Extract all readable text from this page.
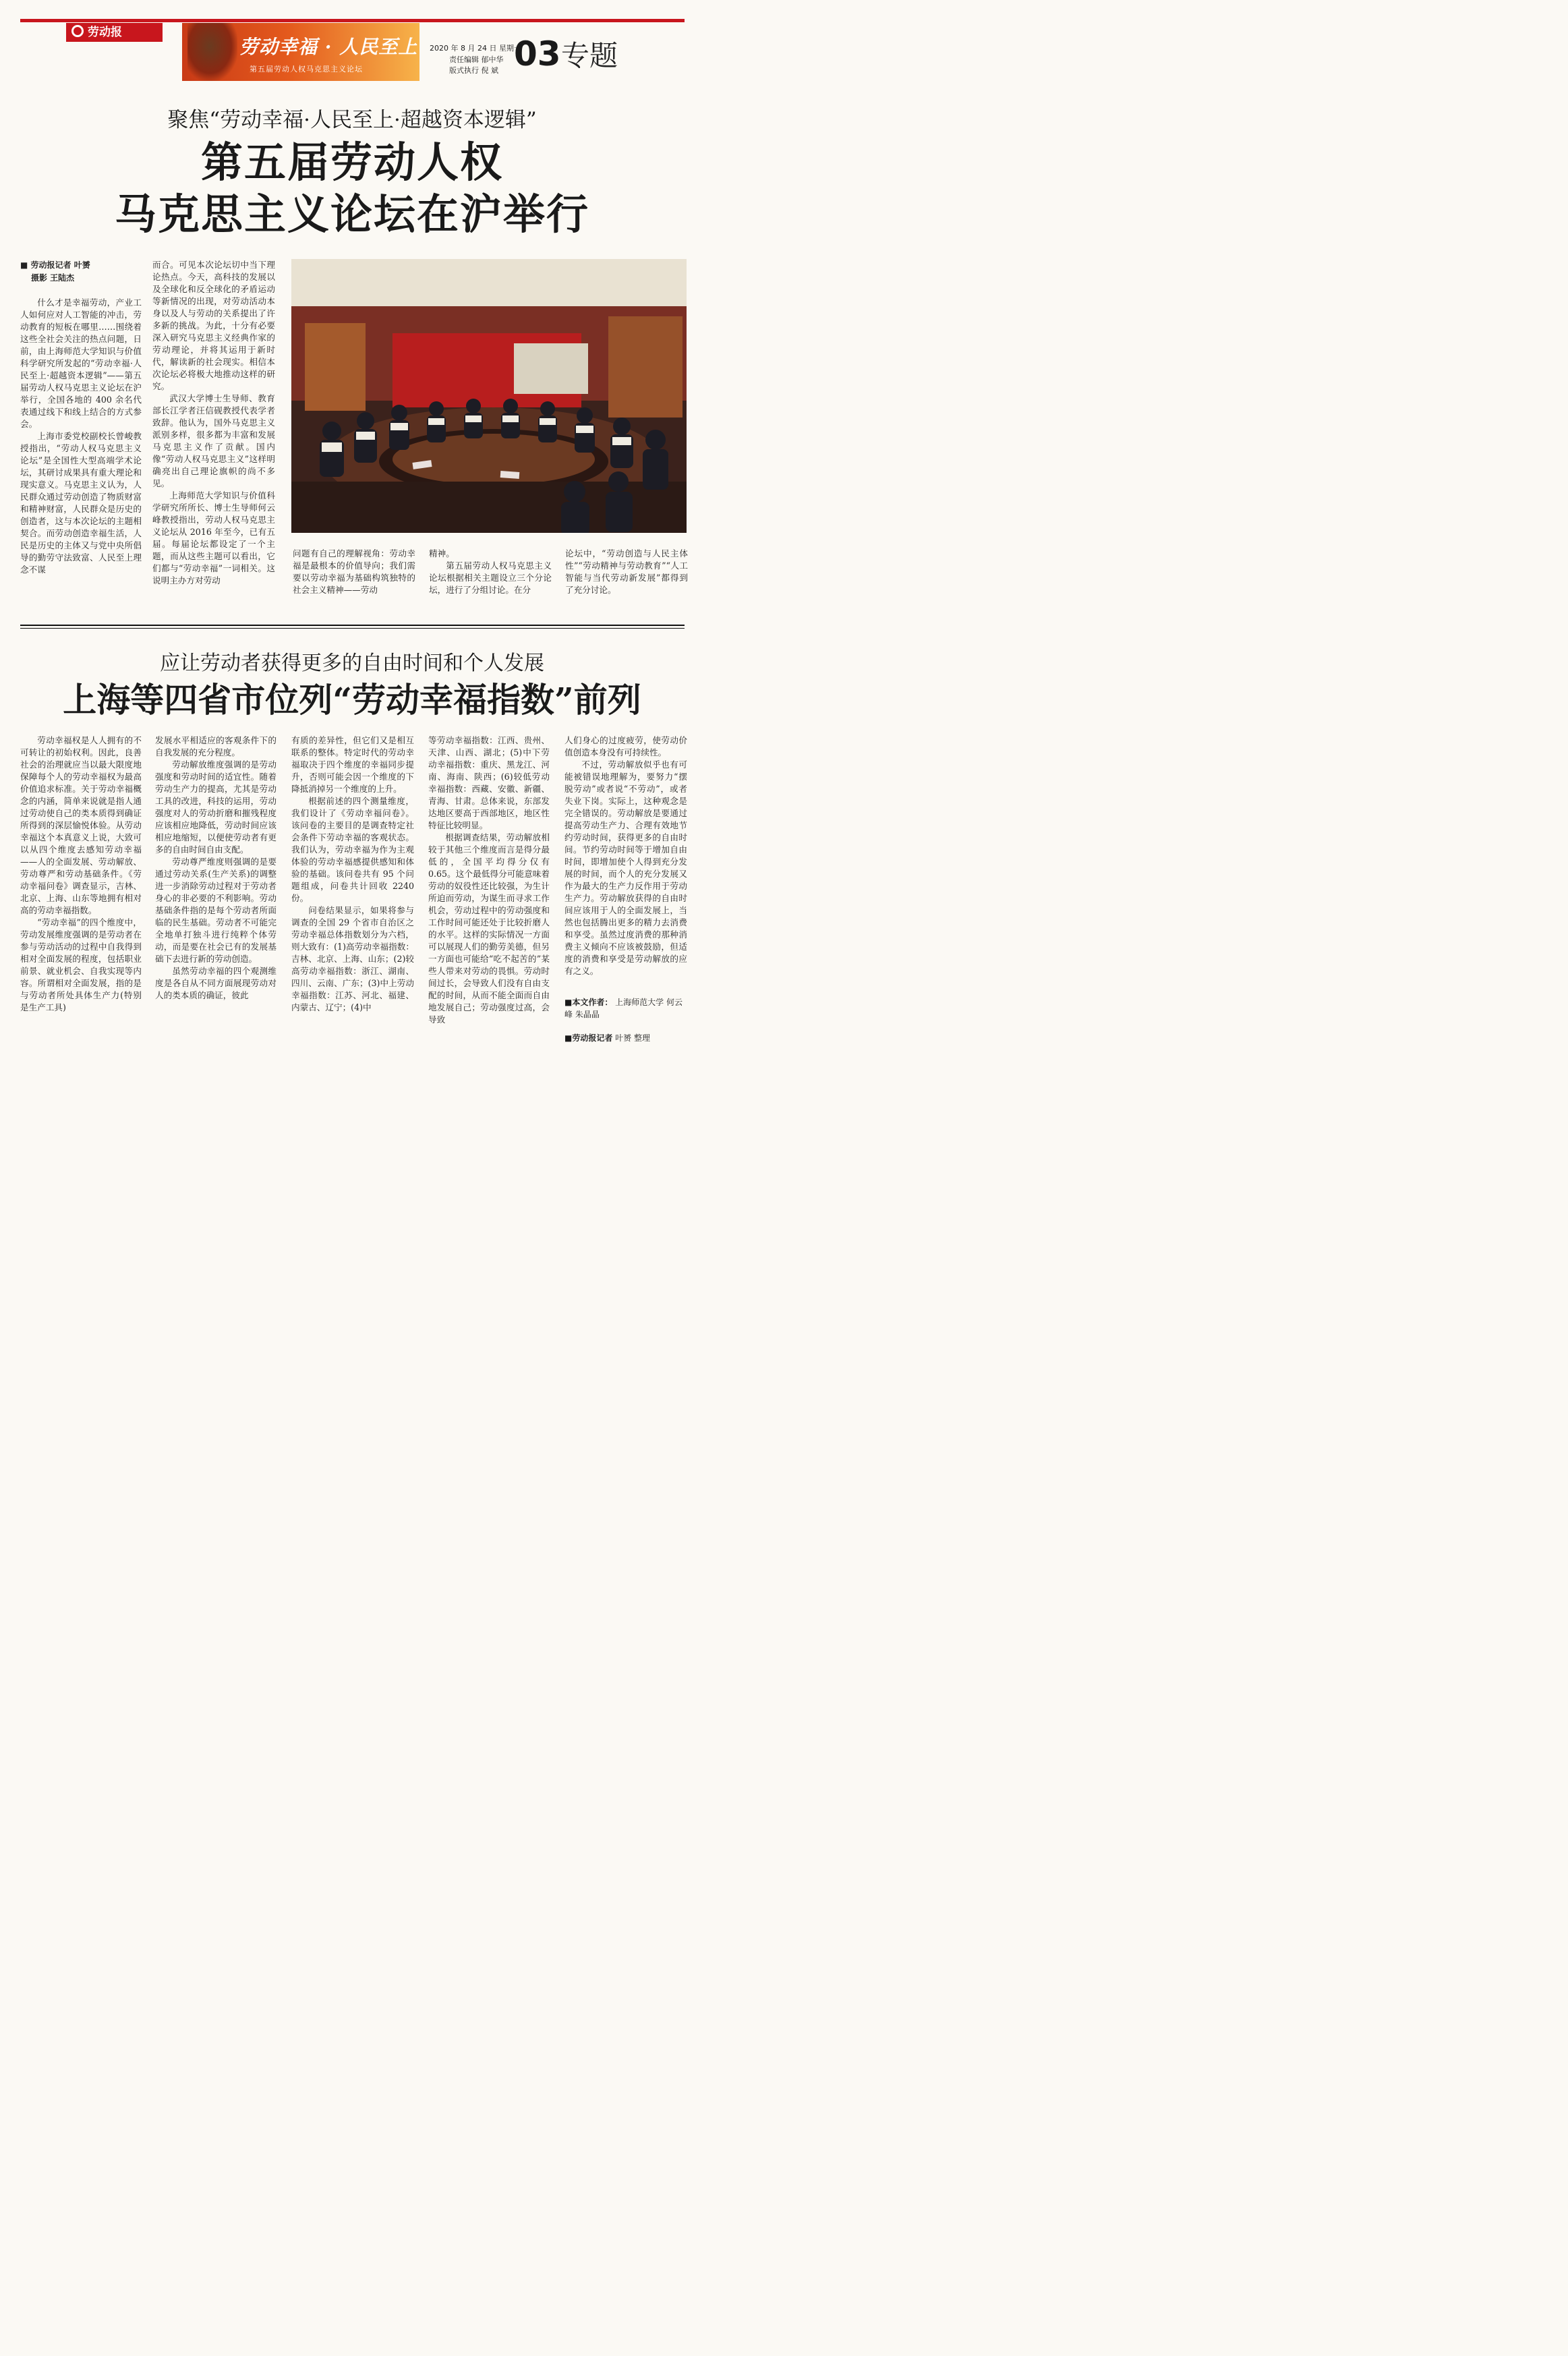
劳动报
劳动幸福 · 人民至上
第五届劳动人权马克思主义论坛
2020 年 8 月 24 日 星期一
责任编辑 郁中华
版式执行 倪 斌 03 专题
聚焦“劳动幸福·人民至上·超越资本逻辑”
第五届劳动人权
马克思主义论坛在沪举行
■ 劳动报记者 叶赟
摄影 王陆杰

什么才是幸福劳动，产业工人如何应对人工智能的冲击，劳动教育的短板在哪里……围绕着这些全社会关注的热点问题，日前，由上海师范大学知识与价值科学研究所发起的“劳动幸福·人民至上·超越资本逻辑”——第五届劳动人权马克思主义论坛在沪举行，全国各地的 400 余名代表通过线下和线上结合的方式参会。

上海市委党校副校长曾峻教授指出，“劳动人权马克思主义论坛”是全国性大型高端学术论坛，其研讨成果具有重大理论和现实意义。马克思主义认为，人民群众通过劳动创造了物质财富和精神财富，人民群众是历史的创造者，这与本次论坛的主题相契合。而劳动创造幸福生活，人民是历史的主体又与党中央所倡导的勤劳守法致富、人民至上理念不谋

而合。可见本次论坛切中当下理论热点。今天，高科技的发展以及全球化和反全球化的矛盾运动等新情况的出现，对劳动活动本身以及人与劳动的关系提出了许多新的挑战。为此，十分有必要深入研究马克思主义经典作家的劳动理论，并将其运用于新时代，解读新的社会现实。相信本次论坛必将极大地推动这样的研究。

武汉大学博士生导师、教育部长江学者汪信砚教授代表学者致辞。他认为，国外马克思主义派别多样，很多都为丰富和发展马克思主义作了贡献。国内像“劳动人权马克思主义”这样明确亮出自己理论旗帜的尚不多见。

上海师范大学知识与价值科学研究所所长、博士生导师何云峰教授指出，劳动人权马克思主义论坛从 2016 年至今，已有五届。每届论坛都设定了一个主题，而从这些主题可以看出，它们都与“劳动幸福”一词相关。这说明主办方对劳动

问题有自己的理解视角：劳动幸福是最根本的价值导向；我们需要以劳动幸福为基础构筑独特的社会主义精神——劳动

精神。

第五届劳动人权马克思主义论坛根据相关主题设立三个分论坛，进行了分组讨论。在分

论坛中，“劳动创造与人民主体性”“劳动精神与劳动教育”“人工智能与当代劳动新发展”都得到了充分讨论。

应让劳动者获得更多的自由时间和个人发展
上海等四省市位列“劳动幸福指数”前列

劳动幸福权是人人拥有的不可转让的初始权利。因此，良善社会的治理就应当以最大限度地保障每个人的劳动幸福权为最高价值追求标准。关于劳动幸福概念的内涵，简单来说就是指人通过劳动使自己的类本质得到确证所得到的深层愉悦体验。从劳动幸福这个本真意义上说，大致可以从四个维度去感知劳动幸福——人的全面发展、劳动解放、劳动尊严和劳动基础条件。《劳动幸福问卷》调查显示，吉林、北京、上海、山东等地拥有相对高的劳动幸福指数。

“劳动幸福”的四个维度中，劳动发展维度强调的是劳动者在参与劳动活动的过程中自我得到相对全面发展的程度，包括职业前景、就业机会、自我实现等内容。所谓相对全面发展，指的是与劳动者所处具体生产力(特别是生产工具)

发展水平相适应的客观条件下的自我发展的充分程度。

劳动解放维度强调的是劳动强度和劳动时间的适宜性。随着劳动生产力的提高，尤其是劳动工具的改进，科技的运用，劳动强度对人的劳动折磨和摧残程度应该相应地降低，劳动时间应该相应地缩短，以便使劳动者有更多的自由时间自由支配。

劳动尊严维度则强调的是要通过劳动关系(生产关系)的调整进一步消除劳动过程对于劳动者身心的非必要的不利影响。劳动基础条件指的是每个劳动者所面临的民生基础。劳动者不可能完全地单打独斗进行纯粹个体劳动，而是要在社会已有的发展基础下去进行新的劳动创造。

虽然劳动幸福的四个观测维度是各自从不同方面展现劳动对人的类本质的确证，彼此

有质的差异性，但它们又是相互联系的整体。特定时代的劳动幸福取决于四个维度的幸福同步提升，否则可能会因一个维度的下降抵消掉另一个维度的上升。

根据前述的四个测量维度，我们设计了《劳动幸福问卷》。该问卷的主要目的是调查特定社会条件下劳动幸福的客观状态。我们认为，劳动幸福为作为主观体验的劳动幸福感提供感知和体验的基础。该问卷共有 95 个问题组成，问卷共计回收 2240 份。

问卷结果显示，如果将参与调查的全国 29 个省市自治区之劳动幸福总体指数划分为六档，则大致有：(1)高劳动幸福指数：吉林、北京、上海、山东；(2)较高劳动幸福指数：浙江、湖南、四川、云南、广东；(3)中上劳动幸福指数：江苏、河北、福建、内蒙古、辽宁；(4)中

等劳动幸福指数：江西、贵州、天津、山西、湖北；(5)中下劳动幸福指数：重庆、黑龙江、河南、海南、陕西；(6)较低劳动幸福指数：西藏、安徽、新疆、青海、甘肃。总体来说，东部发达地区要高于西部地区，地区性特征比较明显。

根据调查结果，劳动解放相较于其他三个维度而言是得分最低的，全国平均得分仅有 0.65。这个最低得分可能意味着劳动的奴役性还比较强，为生计所迫而劳动，为谋生而寻求工作机会，劳动过程中的劳动强度和工作时间可能还处于比较折磨人的水平。这样的实际情况一方面可以展现人们的勤劳美德，但另一方面也可能给“吃不起苦的”某些人带来对劳动的畏惧。劳动时间过长，会导致人们没有自由支配的时间，从而不能全面而自由地发展自己；劳动强度过高，会导致

人们身心的过度疲劳，使劳动价值创造本身没有可持续性。

不过，劳动解放似乎也有可能被错误地理解为，要努力“摆脱劳动”或者说“不劳动”，或者失业下岗。实际上，这种观念是完全错误的。劳动解放是要通过提高劳动生产力、合理有效地节约劳动时间，获得更多的自由时间。节约劳动时间等于增加自由时间，即增加使个人得到充分发展的时间，而个人的充分发展又作为最大的生产力反作用于劳动生产力。劳动解放获得的自由时间应该用于人的全面发展上，当然也包括腾出更多的精力去消费和享受。虽然过度消费的那种消费主义倾向不应该被鼓励，但适度的消费和享受是劳动解放的应有之义。

■本文作者： 上海师范大学 何云峰 朱晶晶
■劳动报记者 叶赟 整理
